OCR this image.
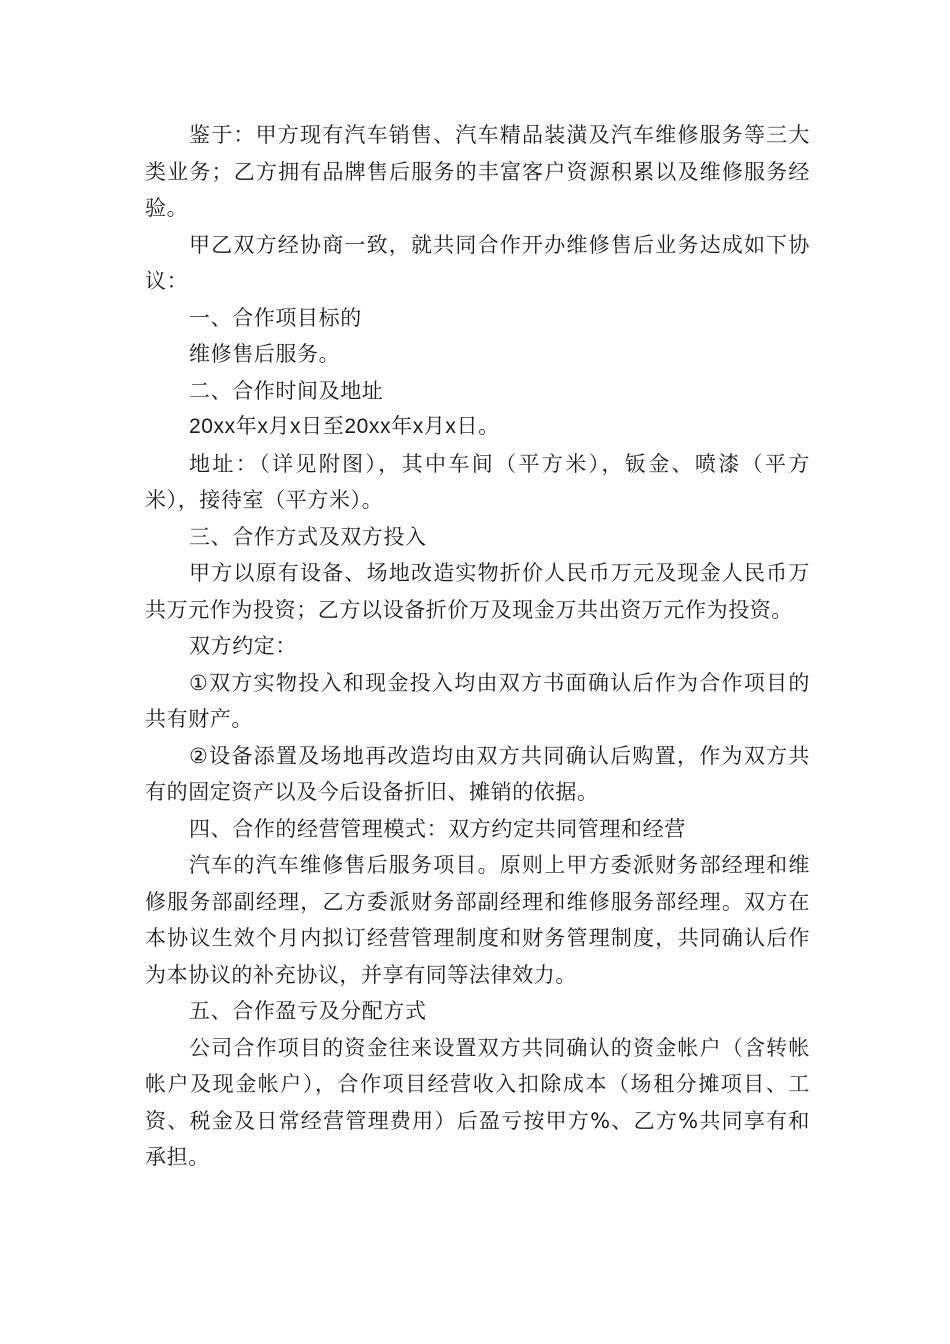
鉴于：甲方现有汽车销售、汽车精品装潢及汽车维修服务等三大类业务；乙方拥有品牌售后服务的丰富客户资源积累以及维修服务经验。

甲乙双方经协商一致，就共同合作开办维修售后业务达成如下协议：

一、合作项目标的

维修售后服务。

二、合作时间及地址

20xx年x月x日至20xx年x月x日。

地址：（详见附图），其中车间（平方米），钣金、喷漆（平方米），接待室（平方米）。

三、合作方式及双方投入

甲方以原有设备、场地改造实物折价人民币万元及现金人民币万共万元作为投资；乙方以设备折价万及现金万共出资万元作为投资。

双方约定：

①双方实物投入和现金投入均由双方书面确认后作为合作项目的共有财产。

②设备添置及场地再改造均由双方共同确认后购置，作为双方共有的固定资产以及今后设备折旧、摊销的依据。

四、合作的经营管理模式：双方约定共同管理和经营

汽车的汽车维修售后服务项目。原则上甲方委派财务部经理和维修服务部副经理，乙方委派财务部副经理和维修服务部经理。双方在本协议生效个月内拟订经营管理制度和财务管理制度，共同确认后作为本协议的补充协议，并享有同等法律效力。

五、合作盈亏及分配方式

公司合作项目的资金往来设置双方共同确认的资金帐户（含转帐帐户及现金帐户），合作项目经营收入扣除成本（场租分摊项目、工资、税金及日常经营管理费用）后盈亏按甲方%、乙方%共同享有和承担。
